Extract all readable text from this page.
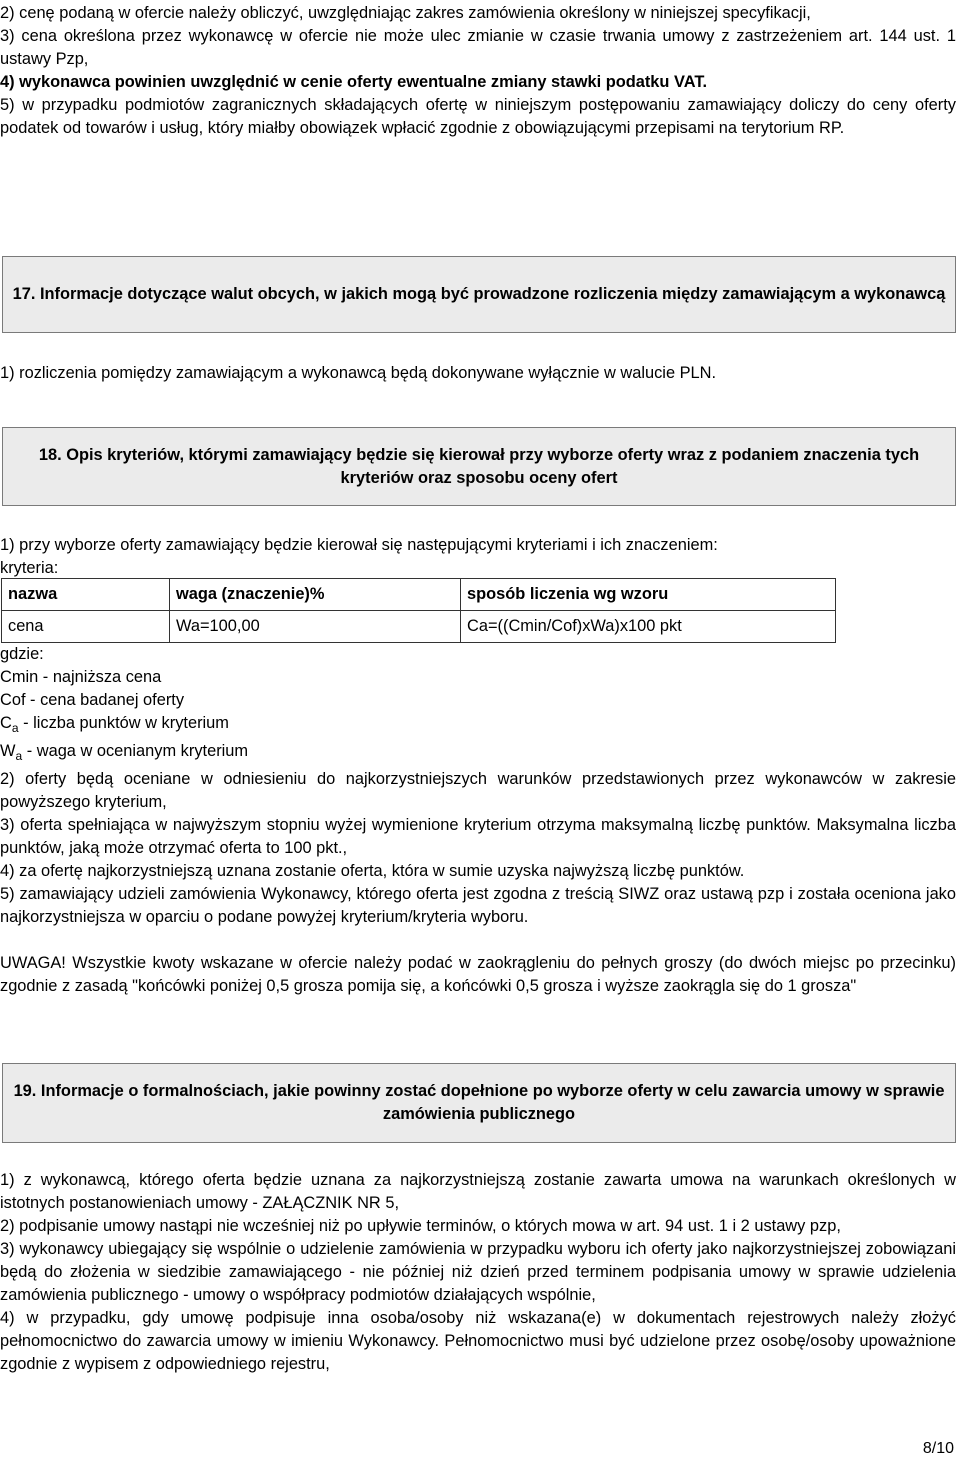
2) cenę podaną w ofercie należy obliczyć, uwzględniając zakres zamówienia określony w niniejszej specyfikacji,

3) cena określona przez wykonawcę w ofercie nie może ulec zmianie w czasie trwania umowy z zastrzeżeniem art. 144 ust. 1 ustawy Pzp,

4) wykonawca powinien uwzględnić w cenie oferty ewentualne zmiany stawki podatku VAT.

5) w przypadku podmiotów zagranicznych składających ofertę w niniejszym postępowaniu zamawiający doliczy do ceny oferty podatek od towarów i usług, który miałby obowiązek wpłacić zgodnie z obowiązującymi przepisami na terytorium RP.

17. Informacje dotyczące walut obcych, w jakich mogą być prowadzone rozliczenia między zamawiającym a wykonawcą

1) rozliczenia pomiędzy zamawiającym a wykonawcą będą dokonywane wyłącznie w walucie PLN.

18. Opis kryteriów, którymi zamawiający będzie się kierował przy wyborze oferty wraz z podaniem znaczenia tych kryteriów oraz sposobu oceny ofert

1) przy wyborze oferty zamawiający będzie kierował się następującymi kryteriami i ich znaczeniem:

kryteria:

nazwa	waga (znaczenie)%	sposób liczenia wg wzoru
cena	Wa=100,00	Ca=((Cmin/Cof)xWa)x100 pkt

gdzie:

Cmin - najniższa cena

Cof - cena badanej oferty

$C_a$ - liczba punktów w kryterium

$W_a$ - waga w ocenianym kryterium

2) oferty będą oceniane w odniesieniu do najkorzystniejszych warunków przedstawionych przez wykonawców w zakresie powyższego kryterium,

3) oferta spełniająca w najwyższym stopniu wyżej wymienione kryterium otrzyma maksymalną liczbę punktów. Maksymalna liczba punktów, jaką może otrzymać oferta to 100 pkt.,

4) za ofertę najkorzystniejszą uznana zostanie oferta, która w sumie uzyska najwyższą liczbę punktów.

5) zamawiający udzieli zamówienia Wykonawcy, którego oferta jest zgodna z treścią SIWZ oraz ustawą pzp i została oceniona jako najkorzystniejsza w oparciu o podane powyżej kryterium/kryteria wyboru.

UWAGA! Wszystkie kwoty wskazane w ofercie należy podać w zaokrągleniu do pełnych groszy (do dwóch miejsc po przecinku) zgodnie z zasadą "końcówki poniżej 0,5 grosza pomija się, a końcówki 0,5 grosza i wyższe zaokrągla się do 1 grosza"

19. Informacje o formalnościach, jakie powinny zostać dopełnione po wyborze oferty w celu zawarcia umowy w sprawie zamówienia publicznego

1) z wykonawcą, którego oferta będzie uznana za najkorzystniejszą zostanie zawarta umowa na warunkach określonych w istotnych postanowieniach umowy - ZAŁĄCZNIK NR 5,

2) podpisanie umowy nastąpi nie wcześniej niż po upływie terminów, o których mowa w art. 94 ust. 1 i 2 ustawy pzp,

3) wykonawcy ubiegający się wspólnie o udzielenie zamówienia w przypadku wyboru ich oferty jako najkorzystniejszej zobowiązani będą do złożenia w siedzibie zamawiającego - nie później niż dzień przed terminem podpisania umowy w sprawie udzielenia zamówienia publicznego - umowy o współpracy podmiotów działających wspólnie,

4) w przypadku, gdy umowę podpisuje inna osoba/osoby niż wskazana(e) w dokumentach rejestrowych należy złożyć pełnomocnictwo do zawarcia umowy w imieniu Wykonawcy. Pełnomocnictwo musi być udzielone przez osobę/osoby upoważnione zgodnie z wypisem z odpowiedniego rejestru,

8/10
